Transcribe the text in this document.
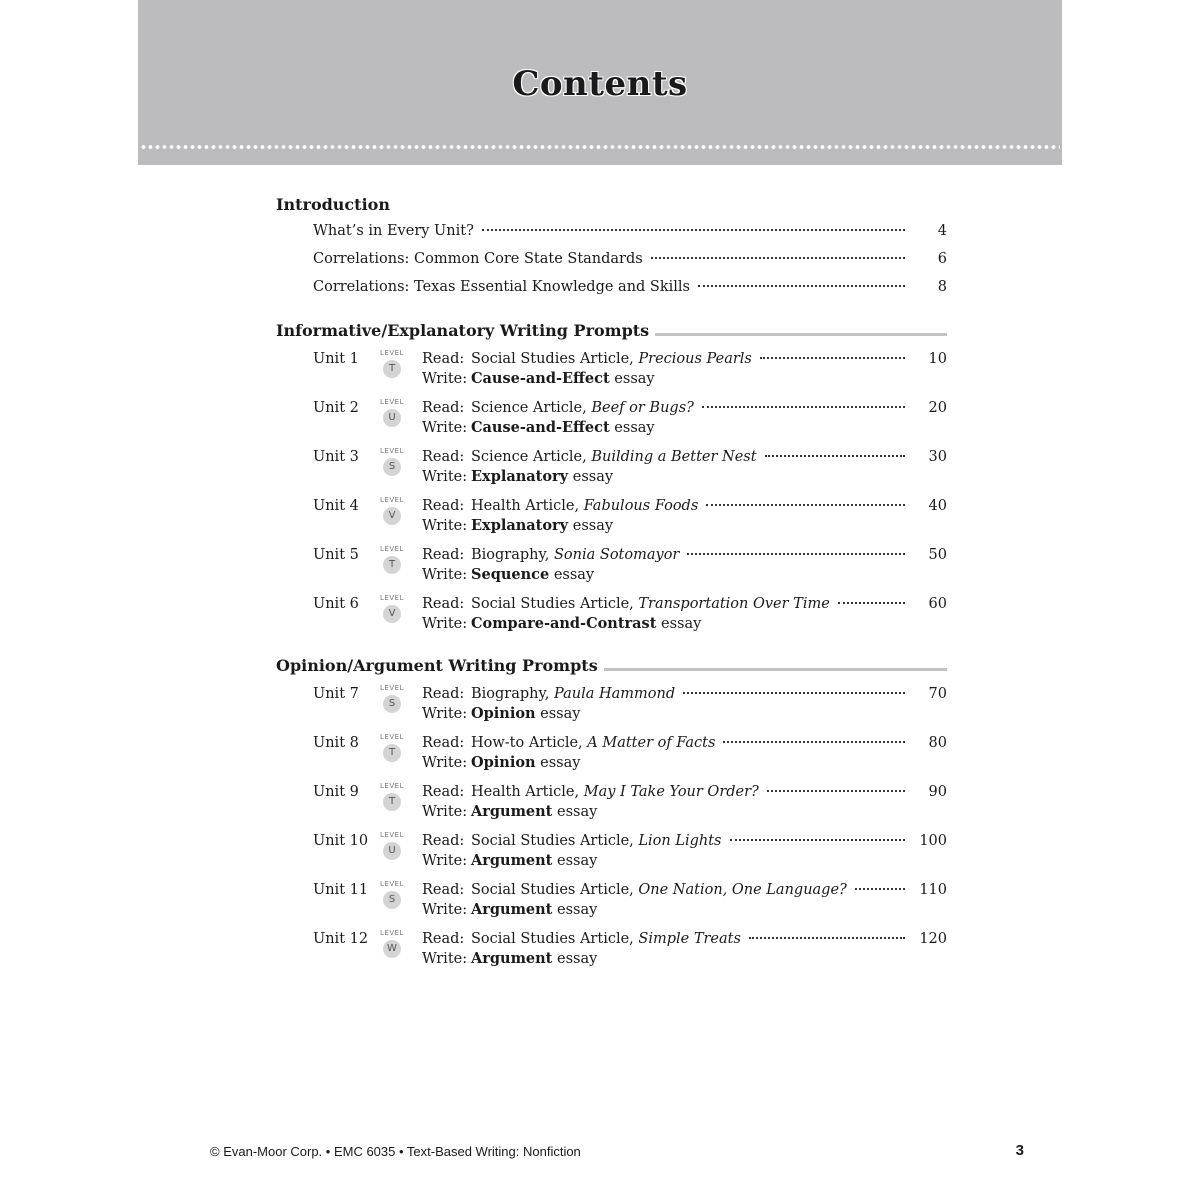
Contents
Introduction
What’s in Every Unit?	4
Correlations: Common Core State Standards	6
Correlations: Texas Essential Knowledge and Skills	8
Informative/Explanatory Writing Prompts
Unit 1	LEVEL
T
Read: Social Studies Article, Precious Pearls	10
Write: Cause-and-Effect essay
Unit 2	LEVEL
U
Read: Science Article, Beef or Bugs?	20
Write: Cause-and-Effect essay
Unit 3	LEVEL
S
Read: Science Article, Building a Better Nest	30
Write: Explanatory essay
Unit 4	LEVEL
V
Read: Health Article, Fabulous Foods	40
Write: Explanatory essay
Unit 5	LEVEL
T
Read: Biography, Sonia Sotomayor	50
Write: Sequence essay
Unit 6	LEVEL
V
Read: Social Studies Article, Transportation Over Time	60
Write: Compare-and-Contrast essay
Opinion/Argument Writing Prompts
Unit 7	LEVEL
S
Read: Biography, Paula Hammond	70
Write: Opinion essay
Unit 8	LEVEL
T
Read: How-to Article, A Matter of Facts	80
Write: Opinion essay
Unit 9	LEVEL
T
Read: Health Article, May I Take Your Order?	90
Write: Argument essay
Unit 10 LEVEL
U
Read: Social Studies Article, Lion Lights	100
Write: Argument essay
Unit 11 LEVEL
S
Read: Social Studies Article, One Nation, One Language?	110
Write: Argument essay
Unit 12 LEVEL
W
Read: Social Studies Article, Simple Treats	120
Write: Argument essay
© Evan-Moor Corp. • EMC 6035 • Text-Based Writing: Nonfiction	3
